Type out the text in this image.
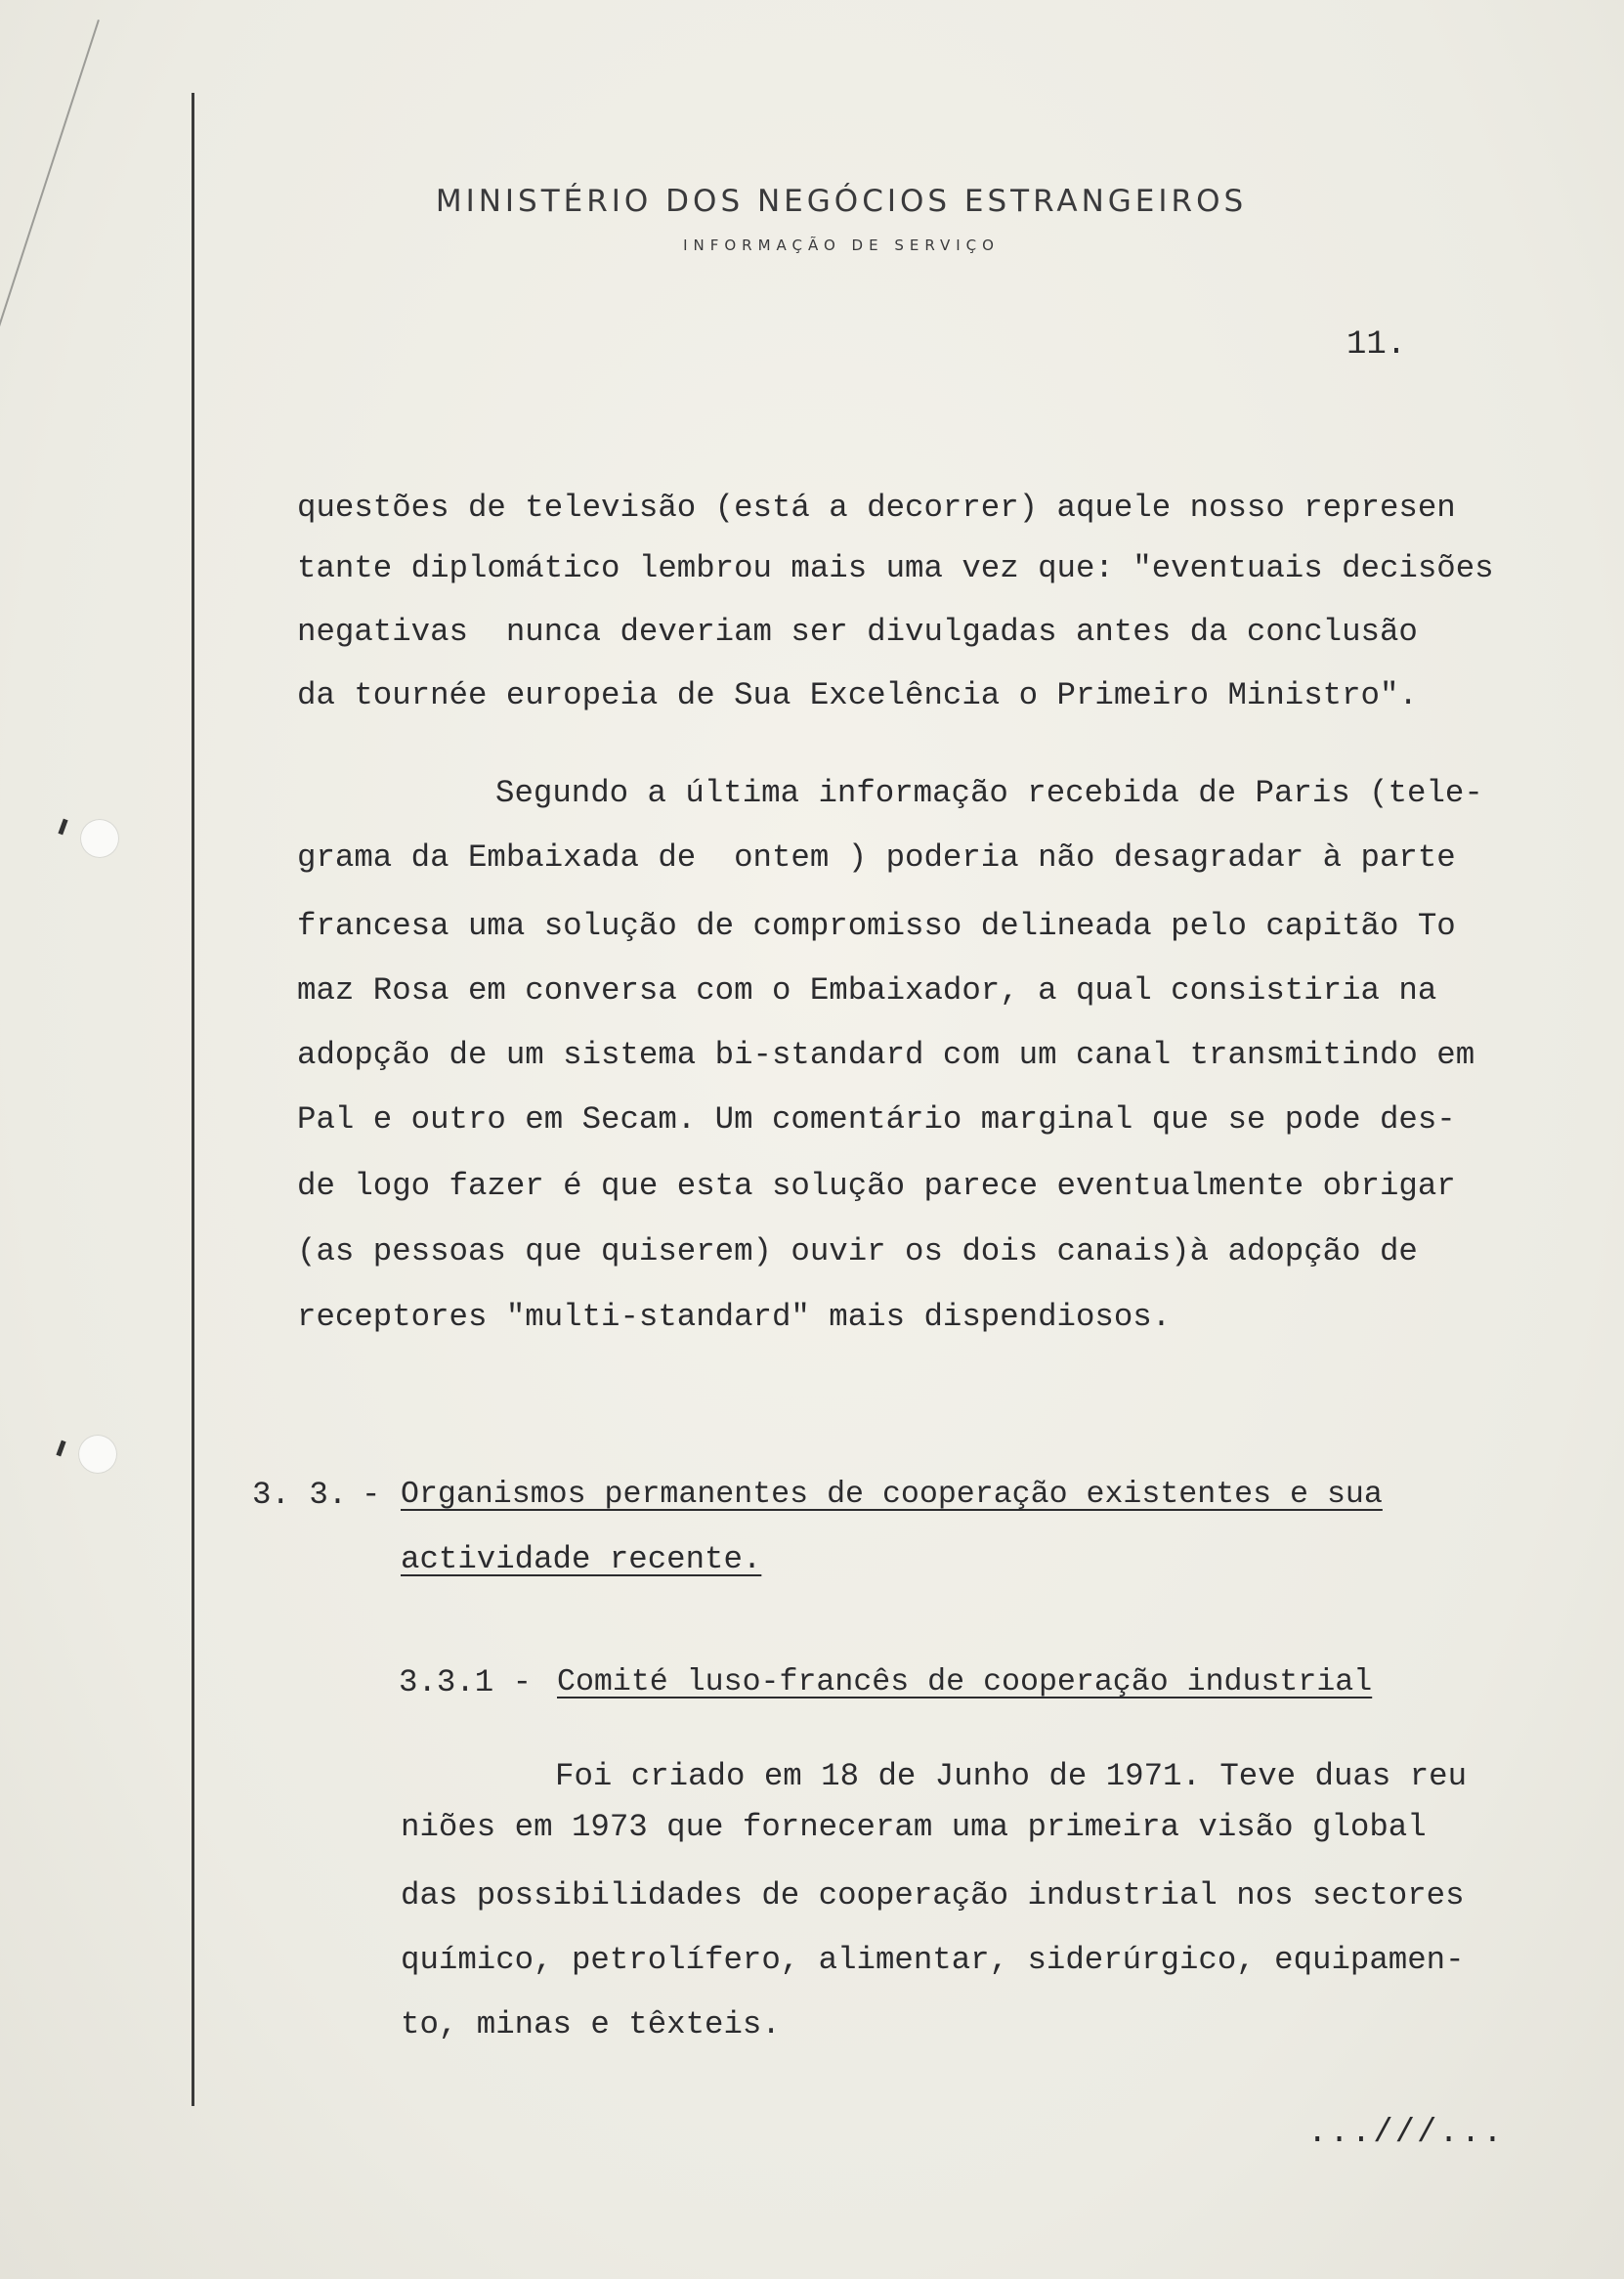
MINISTÉRIO DOS NEGÓCIOS ESTRANGEIROS
INFORMAÇÃO DE SERVIÇO
11.
questões de televisão (está a decorrer) aquele nosso represen
tante diplomático lembrou mais uma vez que: "eventuais decisões
negativas  nunca deveriam ser divulgadas antes da conclusão
da tournée europeia de Sua Excelência o Primeiro Ministro".
Segundo a última informação recebida de Paris (tele-
grama da Embaixada de  ontem ) poderia não desagradar à parte
francesa uma solução de compromisso delineada pelo capitão To
maz Rosa em conversa com o Embaixador, a qual consistiria na
adopção de um sistema bi-standard com um canal transmitindo em
Pal e outro em Secam. Um comentário marginal que se pode des-
de logo fazer é que esta solução parece eventualmente obrigar
(as pessoas que quiserem) ouvir os dois canais)à adopção de
receptores "multi-standard" mais dispendiosos.
3. 3. - Organismos permanentes de cooperação existentes e sua
actividade recente.
3.3.1 - Comité luso-francês de cooperação industrial
Foi criado em 18 de Junho de 1971. Teve duas reu
niões em 1973 que forneceram uma primeira visão global
das possibilidades de cooperação industrial nos sectores
químico, petrolífero, alimentar, siderúrgico, equipamen-
to, minas e têxteis.
...///...
